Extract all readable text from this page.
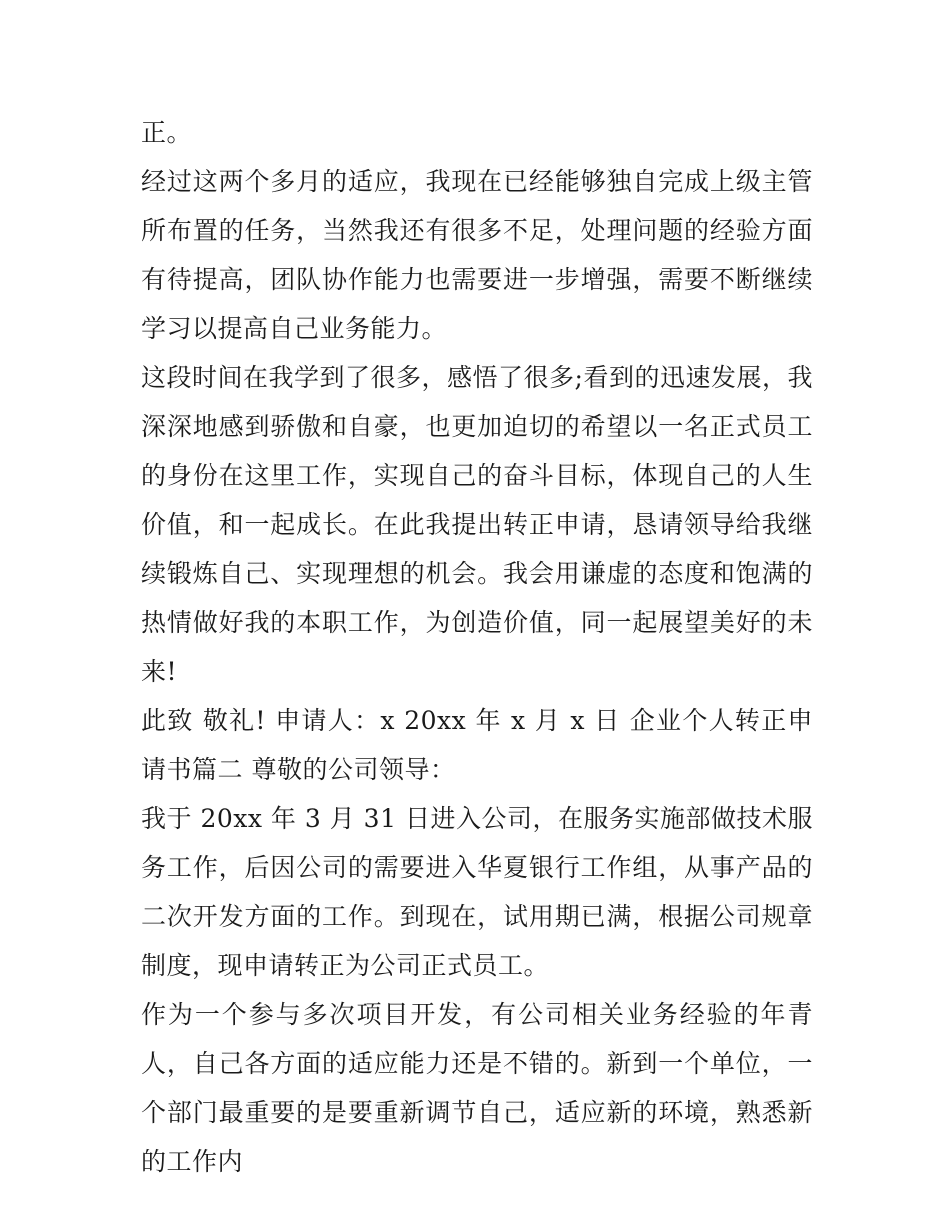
正。

经过这两个多月的适应，我现在已经能够独自完成上级主管所布置的任务，当然我还有很多不足，处理问题的经验方面有待提高，团队协作能力也需要进一步增强，需要不断继续学习以提高自己业务能力。

这段时间在我学到了很多，感悟了很多;看到的迅速发展，我深深地感到骄傲和自豪，也更加迫切的希望以一名正式员工的身份在这里工作，实现自己的奋斗目标，体现自己的人生价值，和一起成长。在此我提出转正申请，恳请领导给我继续锻炼自己、实现理想的机会。我会用谦虚的态度和饱满的热情做好我的本职工作，为创造价值，同一起展望美好的未来!

此致 敬礼! 申请人：x 20xx 年 x 月 x 日 企业个人转正申请书篇二 尊敬的公司领导：

我于 20xx 年 3 月 31 日进入公司，在服务实施部做技术服务工作，后因公司的需要进入华夏银行工作组，从事产品的二次开发方面的工作。到现在，试用期已满，根据公司规章制度，现申请转正为公司正式员工。

作为一个参与多次项目开发，有公司相关业务经验的年青人，自己各方面的适应能力还是不错的。新到一个单位，一个部门最重要的是要重新调节自己，适应新的环境，熟悉新的工作内
